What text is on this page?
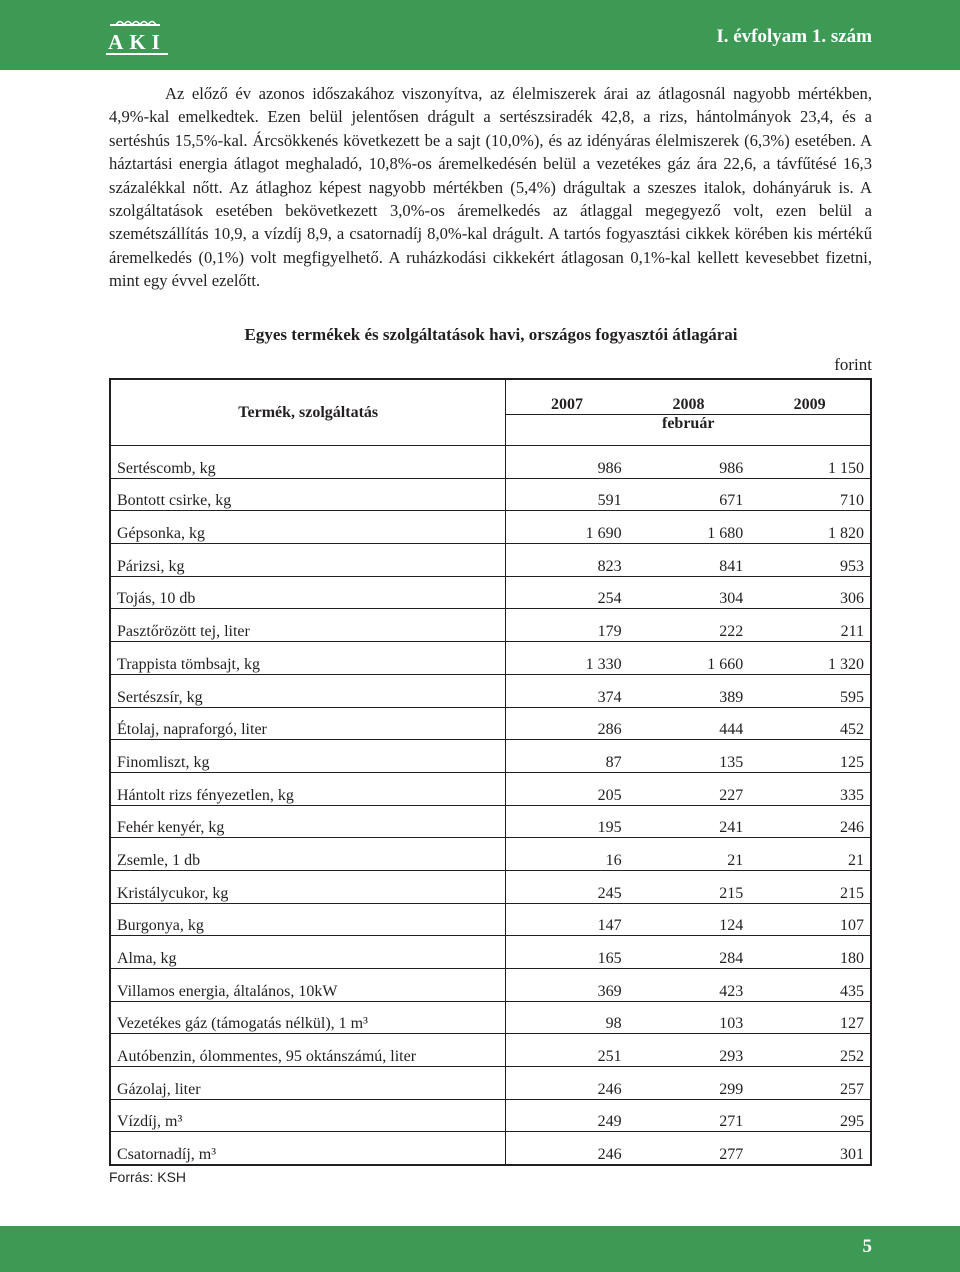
AKI	I. évfolyam 1. szám

Az előző év azonos időszakához viszonyítva, az élelmiszerek árai az átlagosnál nagyobb mértékben, 4,9%-kal emelkedtek. Ezen belül jelentősen drágult a sertészsiradék 42,8, a rizs, hántolmányok 23,4, és a sertéshús 15,5%-kal. Árcsökkenés következett be a sajt (10,0%), és az idényáras élelmiszerek (6,3%) esetében. A háztartási energia átlagot meghaladó, 10,8%-os áremelkedésén belül a vezetékes gáz ára 22,6, a távfűtésé 16,3 százalékkal nőtt. Az átlaghoz képest nagyobb mértékben (5,4%) drágultak a szeszes italok, dohányáruk is. A szolgáltatások esetében bekövetkezett 3,0%-os áremelkedés az átlaggal megegyező volt, ezen belül a szemétszállítás 10,9, a vízdíj 8,9, a csatornadíj 8,0%-kal drágult. A tartós fogyasztási cikkek körében kis mértékű áremelkedés (0,1%) volt megfigyelhető. A ruházkodási cikkekért átlagosan 0,1%-kal kellett kevesebbet fizetni, mint egy évvel ezelőtt.

Egyes termékek és szolgáltatások havi, országos fogyasztói átlagárai
forint
Termék, szolgáltatás	2007	2008	2009
	február		
Sertéscomb, kg	986	986	1 150
Bontott csirke, kg	591	671	710
Gépsonka, kg	1 690	1 680	1 820
Párizsi, kg	823	841	953
Tojás, 10 db	254	304	306
Pasztőrözött tej, liter	179	222	211
Trappista tömbsajt, kg	1 330	1 660	1 320
Sertészsír, kg	374	389	595
Étolaj, napraforgó, liter	286	444	452
Finomliszt, kg	87	135	125
Hántolt rizs fényezetlen, kg	205	227	335
Fehér kenyér, kg	195	241	246
Zsemle, 1 db	16	21	21
Kristálycukor, kg	245	215	215
Burgonya, kg	147	124	107
Alma, kg	165	284	180
Villamos energia, általános, 10kW	369	423	435
Vezetékes gáz (támogatás nélkül), 1 m³	98	103	127
Autóbenzin, ólommentes, 95 oktánszámú, liter	251	293	252
Gázolaj, liter	246	299	257
Vízdíj, m³	249	271	295
Csatornadíj, m³	246	277	301
Forrás: KSH
5
